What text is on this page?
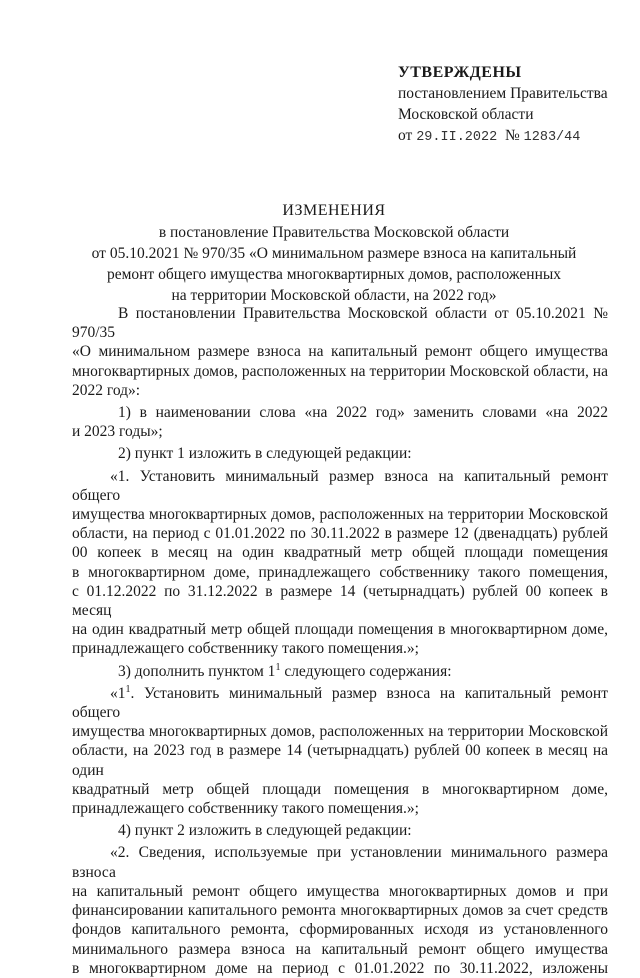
УТВЕРЖДЕНЫ
постановлением Правительства
Московской области
от 29.II.2022 № 1283/44
ИЗМЕНЕНИЯ
в постановление Правительства Московской области
от 05.10.2021 № 970/35 «О минимальном размере взноса на капитальный
ремонт общего имущества многоквартирных домов, расположенных
на территории Московской области, на 2022 год»

В постановлении Правительства Московской области от 05.10.2021 № 970/35

«О минимальном размере взноса на капитальный ремонт общего имущества

многоквартирных домов, расположенных на территории Московской области, на

2022 год»:

1) в наименовании слова «на 2022 год» заменить словами «на 2022

и 2023 годы»;

2) пункт 1 изложить в следующей редакции:

«1. Установить минимальный размер взноса на капитальный ремонт общего

имущества многоквартирных домов, расположенных на территории Московской

области, на период с 01.01.2022 по 30.11.2022 в размере 12 (двенадцать) рублей

00 копеек в месяц на один квадратный метр общей площади помещения

в многоквартирном доме, принадлежащего собственнику такого помещения,

с 01.12.2022 по 31.12.2022 в размере 14 (четырнадцать) рублей 00 копеек в месяц

на один квадратный метр общей площади помещения в многоквартирном доме,

принадлежащего собственнику такого помещения.»;

3) дополнить пунктом $1^1$ следующего содержания:

«$1^1$. Установить минимальный размер взноса на капитальный ремонт общего

имущества многоквартирных домов, расположенных на территории Московской

области, на 2023 год в размере 14 (четырнадцать) рублей 00 копеек в месяц на один

квадратный метр общей площади помещения в многоквартирном доме,

принадлежащего собственнику такого помещения.»;

4) пункт 2 изложить в следующей редакции:

«2. Сведения, используемые при установлении минимального размера взноса

на капитальный ремонт общего имущества многоквартирных домов и при

финансировании капитального ремонта многоквартирных домов за счет средств

фондов капитального ремонта, сформированных исходя из установленного

минимального размера взноса на капитальный ремонт общего имущества

в многоквартирном доме на период с 01.01.2022 по 30.11.2022, изложены
